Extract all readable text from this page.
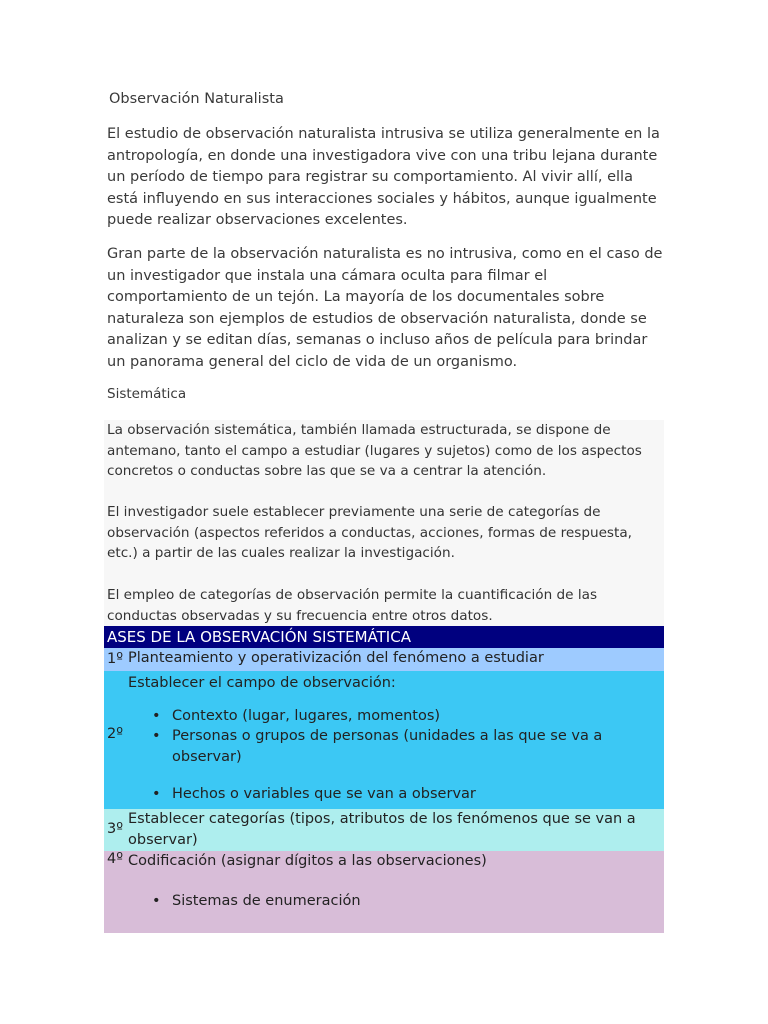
Observación Naturalista

El estudio de observación naturalista intrusiva se utiliza generalmente en la antropología, en donde una investigadora vive con una tribu lejana durante un período de tiempo para registrar su comportamiento. Al vivir allí, ella está influyendo en sus interacciones sociales y hábitos, aunque igualmente puede realizar observaciones excelentes.

Gran parte de la observación naturalista es no intrusiva, como en el caso de un investigador que instala una cámara oculta para filmar el comportamiento de un tejón. La mayoría de los documentales sobre naturaleza son ejemplos de estudios de observación naturalista, donde se analizan y se editan días, semanas o incluso años de película para brindar un panorama general del ciclo de vida de un organismo.

Sistemática

La observación sistemática, también llamada estructurada, se dispone de antemano, tanto el campo a estudiar (lugares y sujetos) como de los aspectos concretos o conductas sobre las que se va a centrar la atención.

El investigador suele establecer previamente una serie de categorías de observación (aspectos referidos a conductas, acciones, formas de respuesta, etc.) a partir de las cuales realizar la investigación.

El empleo de categorías de observación permite la cuantificación de las conductas observadas y su frecuencia entre otros datos.

ASES DE LA OBSERVACIÓN SISTEMÁTICA
1º Planteamiento y operativización del fenómeno a estudiar
2º
Establecer el campo de observación:
• Contexto (lugar, lugares, momentos)
• Personas o grupos de personas (unidades a las que se va a observar)
• Hechos o variables que se van a observar
3º
Establecer categorías (tipos, atributos de los fenómenos que se van a observar)
4º Codificación (asignar dígitos a las observaciones)
• Sistemas de enumeración
